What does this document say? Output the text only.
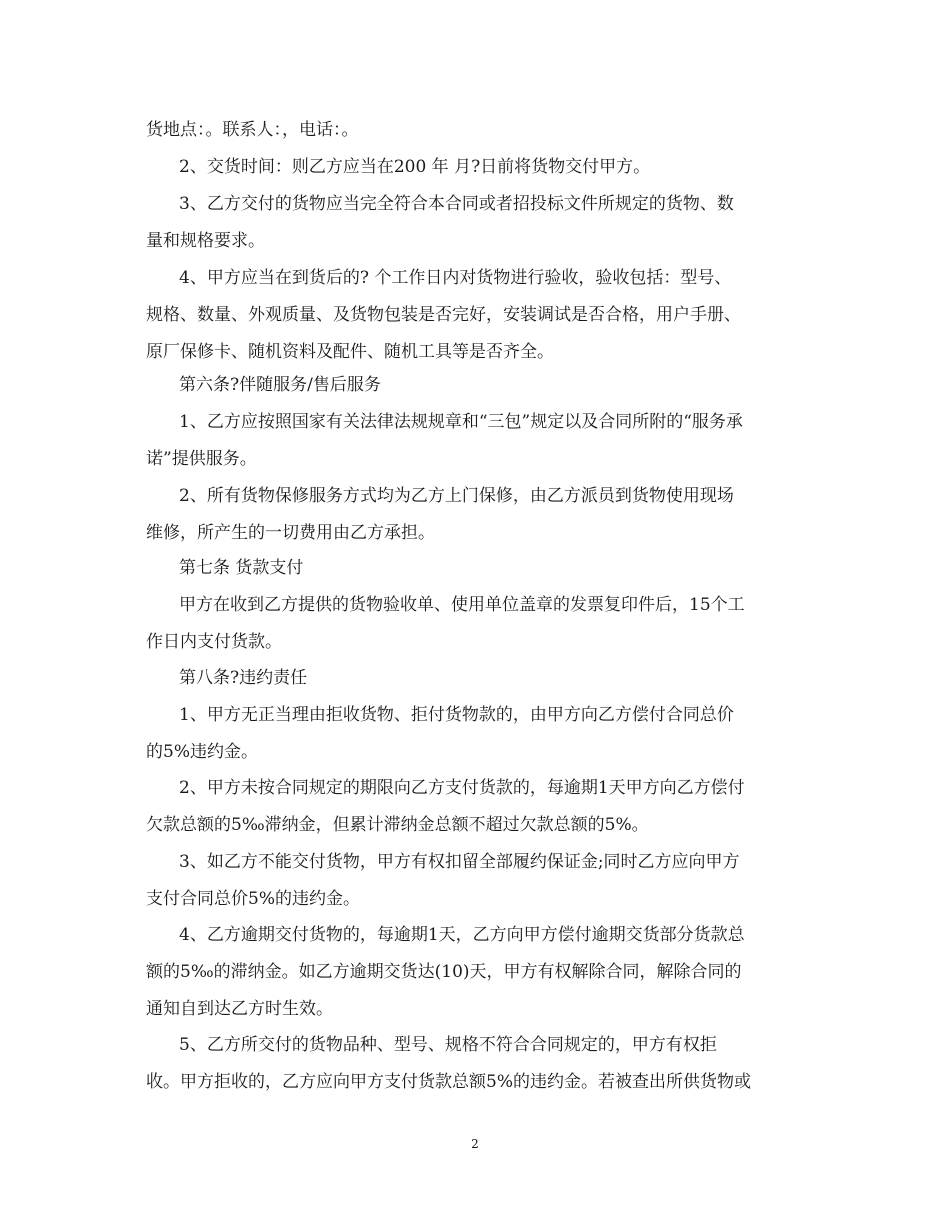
货地点：。联系人：，电话：。
2、交货时间：则乙方应当在200 年 月?日前将货物交付甲方。
3、乙方交付的货物应当完全符合本合同或者招投标文件所规定的货物、数
量和规格要求。
4、甲方应当在到货后的? 个工作日内对货物进行验收，验收包括：型号、
规格、数量、外观质量、及货物包装是否完好，安装调试是否合格，用户手册、
原厂保修卡、随机资料及配件、随机工具等是否齐全。
第六条?伴随服务/售后服务
1、乙方应按照国家有关法律法规规章和“三包”规定以及合同所附的“服务承
诺”提供服务。
2、所有货物保修服务方式均为乙方上门保修，由乙方派员到货物使用现场
维修，所产生的一切费用由乙方承担。
第七条 货款支付
甲方在收到乙方提供的货物验收单、使用单位盖章的发票复印件后，15个工
作日内支付货款。
第八条?违约责任
1、甲方无正当理由拒收货物、拒付货物款的，由甲方向乙方偿付合同总价
的5%违约金。
2、甲方未按合同规定的期限向乙方支付货款的，每逾期1天甲方向乙方偿付
欠款总额的5‰滞纳金，但累计滞纳金总额不超过欠款总额的5%。
3、如乙方不能交付货物，甲方有权扣留全部履约保证金;同时乙方应向甲方
支付合同总价5%的违约金。
4、乙方逾期交付货物的，每逾期1天，乙方向甲方偿付逾期交货部分货款总
额的5‰的滞纳金。如乙方逾期交货达(10)天，甲方有权解除合同，解除合同的
通知自到达乙方时生效。
5、乙方所交付的货物品种、型号、规格不符合合同规定的，甲方有权拒
收。甲方拒收的，乙方应向甲方支付货款总额5%的违约金。若被查出所供货物或
2
